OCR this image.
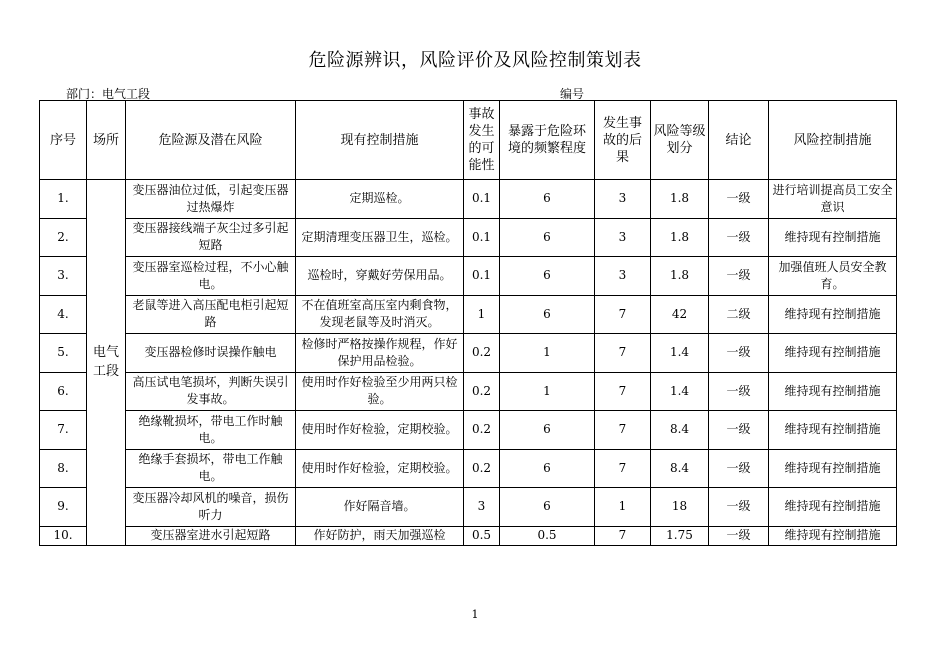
危险源辨识，风险评价及风险控制策划表
部门：电气工段	编号
序号	场所	危险源及潜在风险	现有控制措施	事故发生的可能性	暴露于危险环境的频繁程度	发生事故的后果	风险等级划分	结论	风险控制措施
1.	电气工段	变压器油位过低，引起变压器过热爆炸	定期巡检。	0.1	6	3	1.8	一级	进行培训提高员工安全意识
2.		变压器接线端子灰尘过多引起短路	定期清理变压器卫生，巡检。	0.1	6	3	1.8	一级	维持现有控制措施
3.		变压器室巡检过程，不小心触电。	巡检时，穿戴好劳保用品。	0.1	6	3	1.8	一级	加强值班人员安全教育。
4.		老鼠等进入高压配电柜引起短路	不在值班室高压室内剩食物，发现老鼠等及时消灭。	1	6	7	42	二级	维持现有控制措施
5.		变压器检修时误操作触电	检修时严格按操作规程，作好保护用品检验。	0.2	1	7	1.4	一级	维持现有控制措施
6.		高压试电笔损坏，判断失误引发事故。	使用时作好检验至少用两只检验。	0.2	1	7	1.4	一级	维持现有控制措施
7.		绝缘靴损坏，带电工作时触电。	使用时作好检验，定期校验。	0.2	6	7	8.4	一级	维持现有控制措施
8.		绝缘手套损坏，带电工作触电。	使用时作好检验，定期校验。	0.2	6	7	8.4	一级	维持现有控制措施
9.		变压器冷却风机的噪音，损伤听力	作好隔音墙。	3	6	1	18	一级	维持现有控制措施
10.		变压器室进水引起短路	作好防护，雨天加强巡检	0.5	0.5	7	1.75	一级	维持现有控制措施
1
